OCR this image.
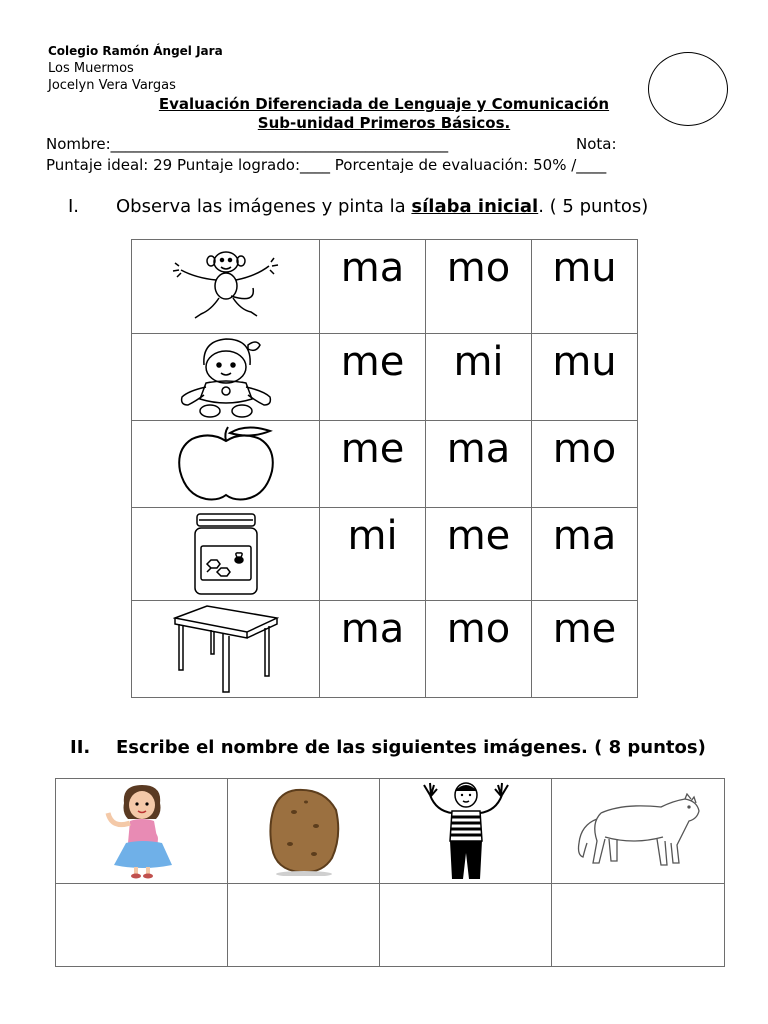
Colegio Ramón Ángel Jara
Los Muermos
Jocelyn Vera Vargas
Evaluación Diferenciada de Lenguaje y Comunicación
Sub-unidad Primeros Básicos.
Nombre:_____________________________________________	Nota:
Puntaje ideal: 29 Puntaje logrado:____ Porcentaje de evaluación: 50% /____
I. Observa las imágenes y pinta la sílaba inicial. ( 5 puntos)
	ma	mo	mu

	me	mi	mu

	me	ma	mo

	mi	me	ma

	ma	mo	me
II. Escribe el nombre de las siguientes imágenes. ( 8 puntos)
